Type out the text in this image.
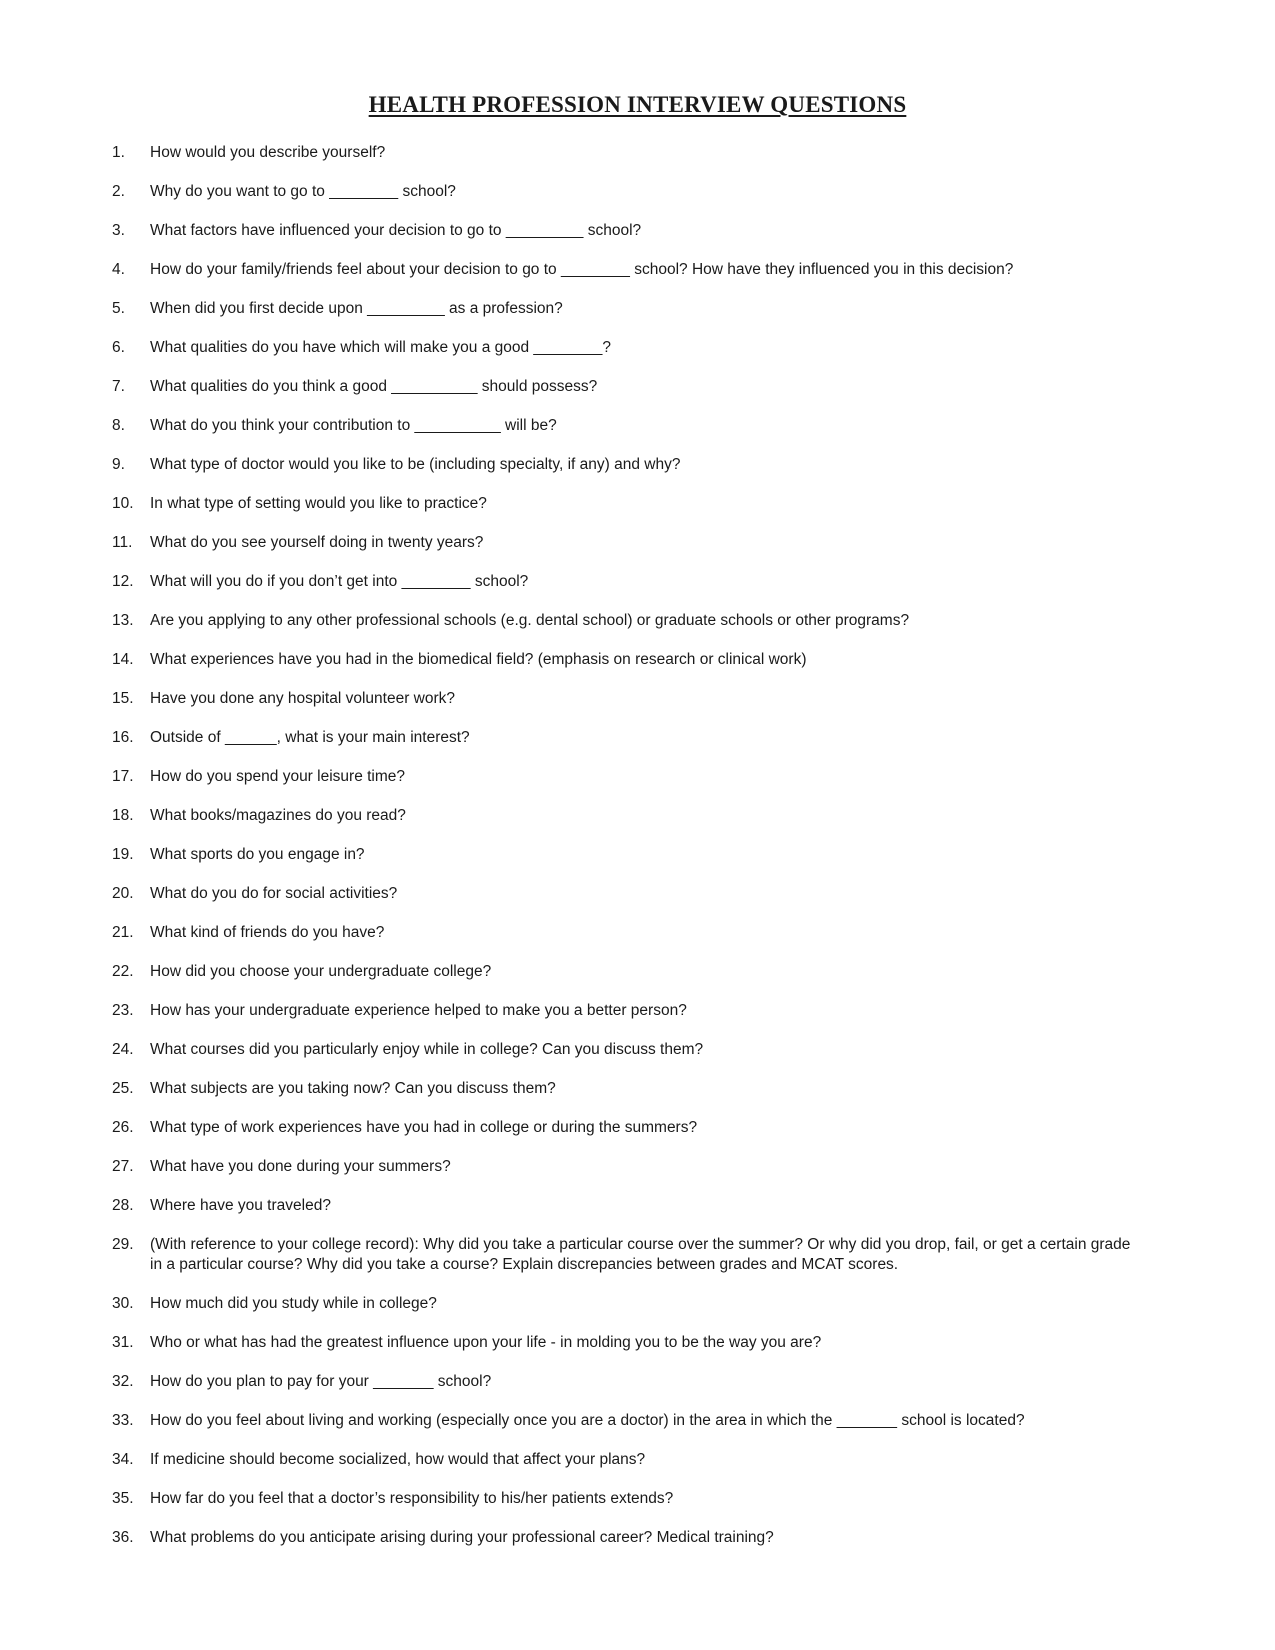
HEALTH PROFESSION INTERVIEW QUESTIONS
1.	How would you describe yourself?
2.	Why do you want to go to ________ school?
3.	What factors have influenced your decision to go to _________ school?
4.	How do your family/friends feel about your decision to go to ________ school? How have they influenced you in this decision?
5.	When did you first decide upon _________ as a profession?
6.	What qualities do you have which will make you a good ________?
7.	What qualities do you think a good __________ should possess?
8.	What do you think your contribution to __________ will be?
9.	What type of doctor would you like to be (including specialty, if any) and why?
10.	In what type of setting would you like to practice?
11.	What do you see yourself doing in twenty years?
12.	What will you do if you don’t get into ________ school?
13.	Are you applying to any other professional schools (e.g. dental school) or graduate schools or other programs?
14.	What experiences have you had in the biomedical field? (emphasis on research or clinical work)
15.	Have you done any hospital volunteer work?
16.	Outside of ______, what is your main interest?
17.	How do you spend your leisure time?
18.	What books/magazines do you read?
19.	What sports do you engage in?
20.	What do you do for social activities?
21.	What kind of friends do you have?
22.	How did you choose your undergraduate college?
23.	How has your undergraduate experience helped to make you a better person?
24.	What courses did you particularly enjoy while in college? Can you discuss them?
25.	What subjects are you taking now? Can you discuss them?
26.	What type of work experiences have you had in college or during the summers?
27.	What have you done during your summers?
28.	Where have you traveled?
29.	(With reference to your college record): Why did you take a particular course over the summer? Or why did you drop, fail, or get a certain grade in a particular course? Why did you take a course? Explain discrepancies between grades and MCAT scores.
30.	How much did you study while in college?
31.	Who or what has had the greatest influence upon your life - in molding you to be the way you are?
32.	How do you plan to pay for your _______ school?
33.	How do you feel about living and working (especially once you are a doctor) in the area in which the _______ school is located?
34.	If medicine should become socialized, how would that affect your plans?
35.	How far do you feel that a doctor’s responsibility to his/her patients extends?
36.	What problems do you anticipate arising during your professional career? Medical training?
